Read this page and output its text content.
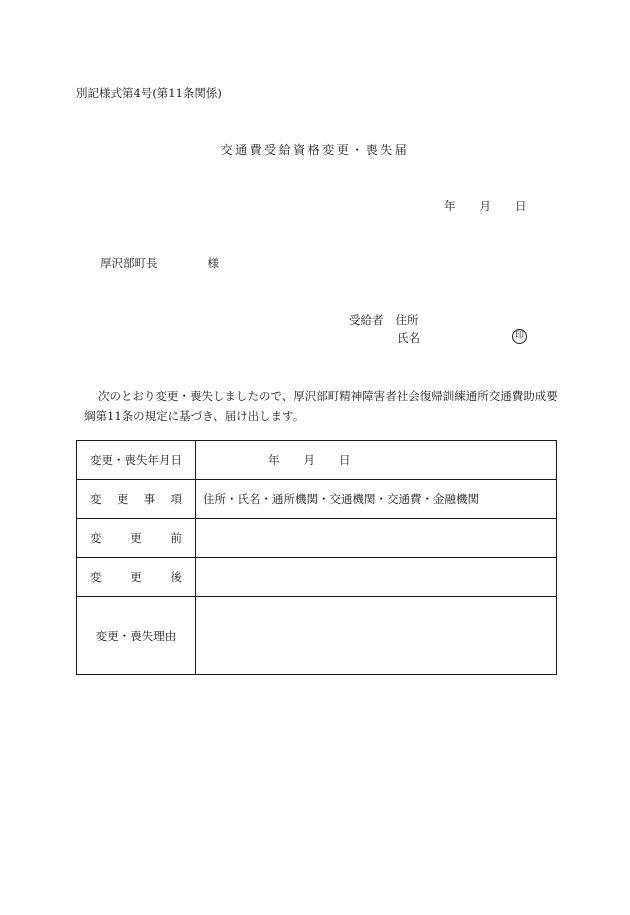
別記様式第4号(第11条関係)
交通費受給資格変更・喪失届
年 月 日
厚沢部町長	様
受給者 住所
氏名	印
次のとおり変更・喪失しましたので、厚沢部町精神障害者社会復帰訓練通所交通費助成要綱第11条の規定に基づき、届け出します。
変更・喪失年月日	年 月 日

変 更 事 項	住所・氏名・通所機関・交通機関・交通費・金融機関

変 更 前	

変 更 後	

変更・喪失理由	
